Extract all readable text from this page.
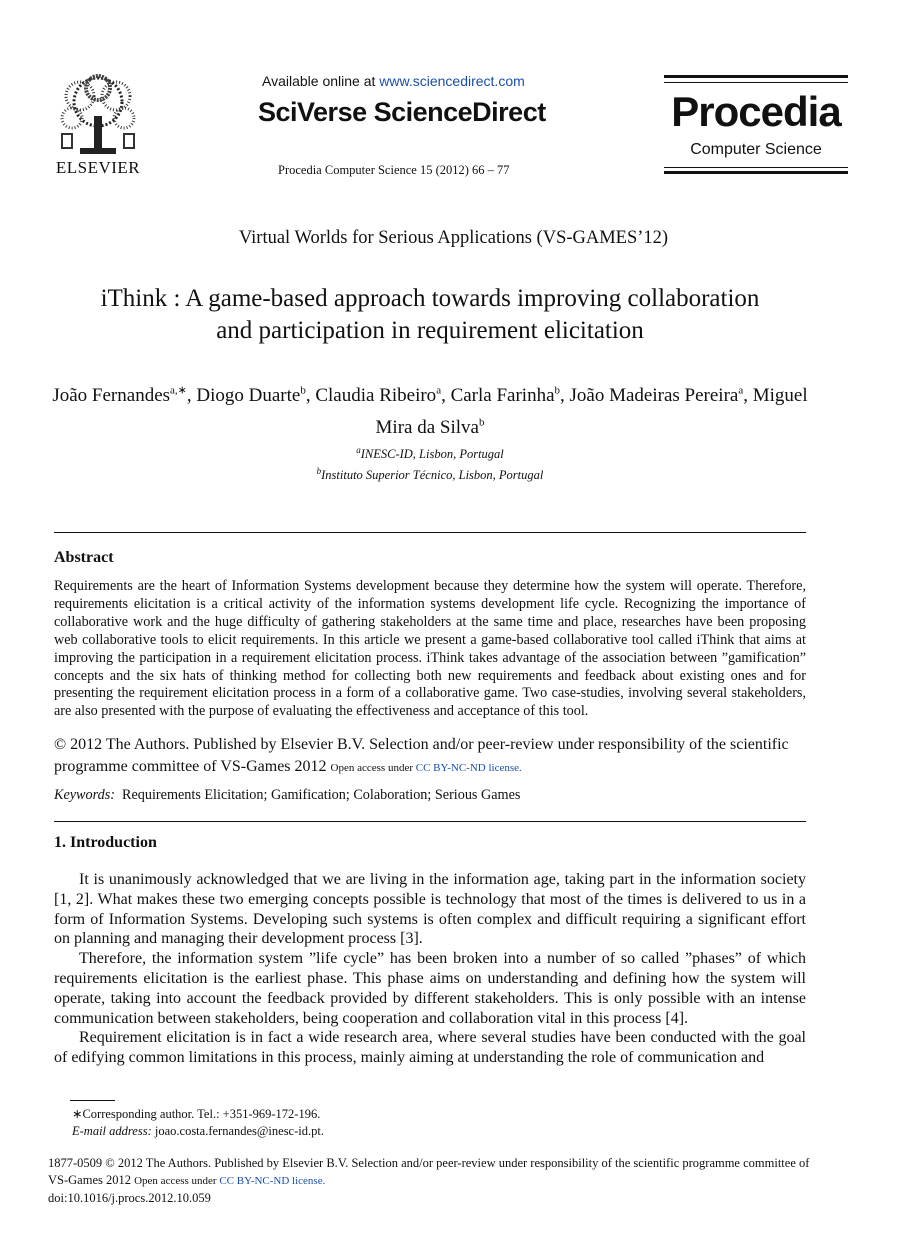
ELSEVIER
Available online at www.sciencedirect.com
SciVerse ScienceDirect
Procedia Computer Science 15 (2012) 66 – 77
Procedia
Computer Science
Virtual Worlds for Serious Applications (VS-GAMES’12)
iThink : A game-based approach towards improving collaboration
and participation in requirement elicitation
João Fernandes$^{a,∗}$, Diogo Duarte$^b$, Claudia Ribeiro$^a$, Carla Farinha$^b$, João Madeiras Pereira$^a$, Miguel Mira da Silva$^b$
$^a$INESC-ID, Lisbon, Portugal
$^b$Instituto Superior Técnico, Lisbon, Portugal
Abstract
Requirements are the heart of Information Systems development because they determine how the system will operate. Therefore, requirements elicitation is a critical activity of the information systems development life cycle. Recognizing the importance of collaborative work and the huge difficulty of gathering stakeholders at the same time and place, researches have been proposing web collaborative tools to elicit requirements. In this article we present a game-based collaborative tool called iThink that aims at improving the participation in a requirement elicitation process. iThink takes advantage of the association between ”gamification” concepts and the six hats of thinking method for collecting both new requirements and feedback about existing ones and for presenting the requirement elicitation process in a form of a collaborative game. Two case-studies, involving several stakeholders, are also presented with the purpose of evaluating the effectiveness and acceptance of this tool.
© 2012 The Authors. Published by Elsevier B.V. Selection and/or peer-review under responsibility of the scientific programme committee of VS-Games 2012 Open access under CC BY-NC-ND license.
Keywords: Requirements Elicitation; Gamification; Colaboration; Serious Games
1. Introduction

It is unanimously acknowledged that we are living in the information age, taking part in the information society [1, 2]. What makes these two emerging concepts possible is technology that most of the times is delivered to us in a form of Information Systems. Developing such systems is often complex and difficult requiring a significant effort on planning and managing their development process [3].

Therefore, the information system ”life cycle” has been broken into a number of so called ”phases” of which requirements elicitation is the earliest phase. This phase aims on understanding and defining how the system will operate, taking into account the feedback provided by different stakeholders. This is only possible with an intense communication between stakeholders, being cooperation and collaboration vital in this process [4].

Requirement elicitation is in fact a wide research area, where several studies have been conducted with the goal of edifying common limitations in this process, mainly aiming at understanding the role of communication and

∗Corresponding author. Tel.: +351-969-172-196.
E-mail address: joao.costa.fernandes@inesc-id.pt.
1877-0509 © 2012 The Authors. Published by Elsevier B.V. Selection and/or peer-review under responsibility of the scientific programme committee of
VS-Games 2012 Open access under CC BY-NC-ND license.
doi:10.1016/j.procs.2012.10.059
